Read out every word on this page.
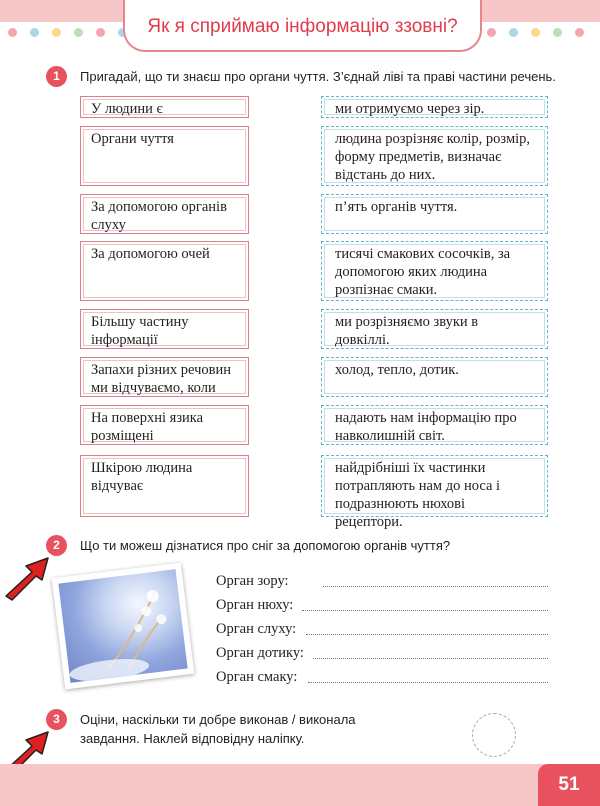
Як я сприймаю інформацію ззовні?
1	Пригадай, що ти знаєш про органи чуття. З’єднай ліві та праві частини речень.
У людини є
Органи чуття
За допомогою органів слуху
За допомогою очей
Більшу частину інформації
Запахи різних речовин ми відчуваємо, коли
На поверхні язика розміщені
Шкірою людина відчуває
ми отримуємо через зір.
людина розрізняє колір, розмір, форму предметів, визначає відстань до них.
п’ять органів чуття.
тисячі смакових сосочків, за допомогою яких людина розпізнає смаки.
ми розрізняємо звуки в довкіллі.
холод, тепло, дотик.
надають нам інформацію про навколишній світ.
найдрібніші їх частинки потрапляють нам до носа і подразнюють нюхові рецептори.
2	Що ти можеш дізнатися про сніг за допомогою органів чуття?
Орган зору:
Орган нюху:
Орган слуху:
Орган дотику:
Орган смаку:
3	Оціни, наскільки ти добре виконав / виконала
завдання. Наклей відповідну наліпку.
51
